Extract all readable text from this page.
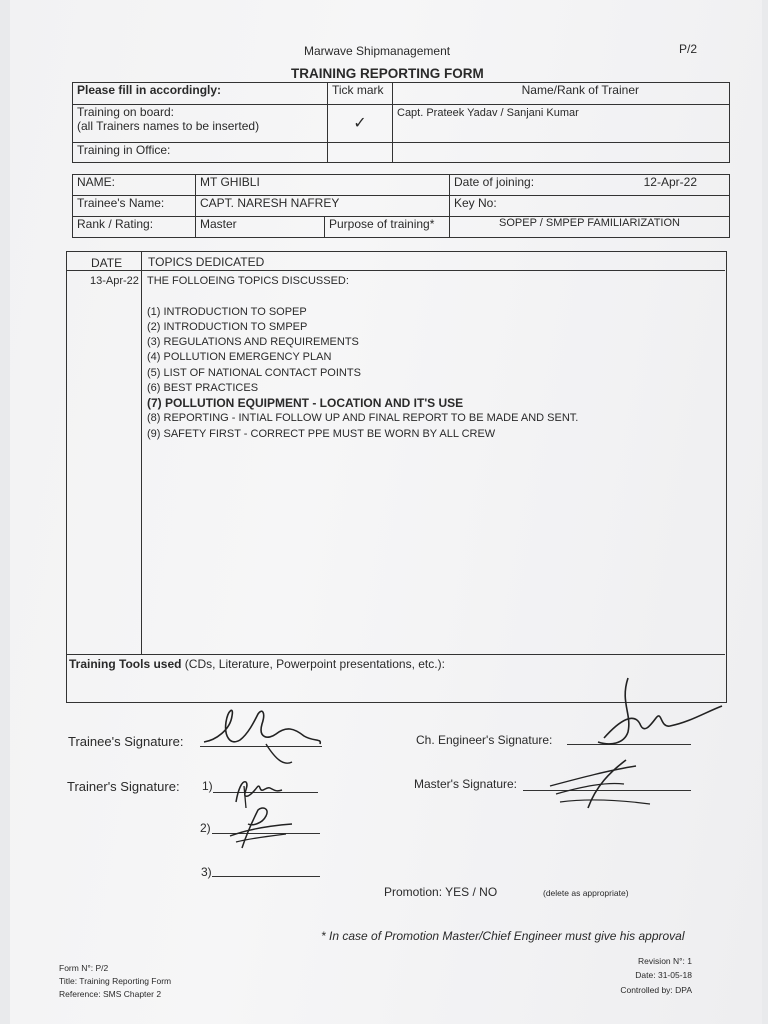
Marwave Shipmanagement	P/2
TRAINING REPORTING FORM
Please fill in accordingly:	Tick mark	Name/Rank of Trainer

Training on board:
(all Trainers names to be inserted)	✓	Capt. Prateek Yadav / Sanjani Kumar
Training in Office:		
NAME:	MT GHIBLI		Date of joining: 12-Apr-22

Trainee's Name:	CAPT. NARESH NAFREY		Key No:
Rank / Rating:	Master	Purpose of training*	SOPEP / SMPEP FAMILIARIZATION
DATE TOPICS DEDICATED
13-Apr-22 THE FOLLOEING TOPICS DISCUSSED:
(1) INTRODUCTION TO SOPEP
(2) INTRODUCTION TO SMPEP
(3) REGULATIONS AND REQUIREMENTS
(4) POLLUTION EMERGENCY PLAN
(5) LIST OF NATIONAL CONTACT POINTS
(6) BEST PRACTICES
(7) POLLUTION EQUIPMENT - LOCATION AND IT'S USE
(8) REPORTING - INTIAL FOLLOW UP AND FINAL REPORT TO BE MADE AND SENT.
(9) SAFETY FIRST - CORRECT PPE MUST BE WORN BY ALL CREW
Training Tools used (CDs, Literature, Powerpoint presentations, etc.):
Trainee's Signature:	Ch. Engineer's Signature:
Trainer's Signature: 1)
2)
3)
Master's Signature:
Promotion: YES / NO	(delete as appropriate)
* In case of Promotion Master/Chief Engineer must give his approval
Form N°: P/2
Title: Training Reporting Form
Reference: SMS Chapter 2
Revision N°: 1
Date: 31-05-18
Controlled by: DPA
